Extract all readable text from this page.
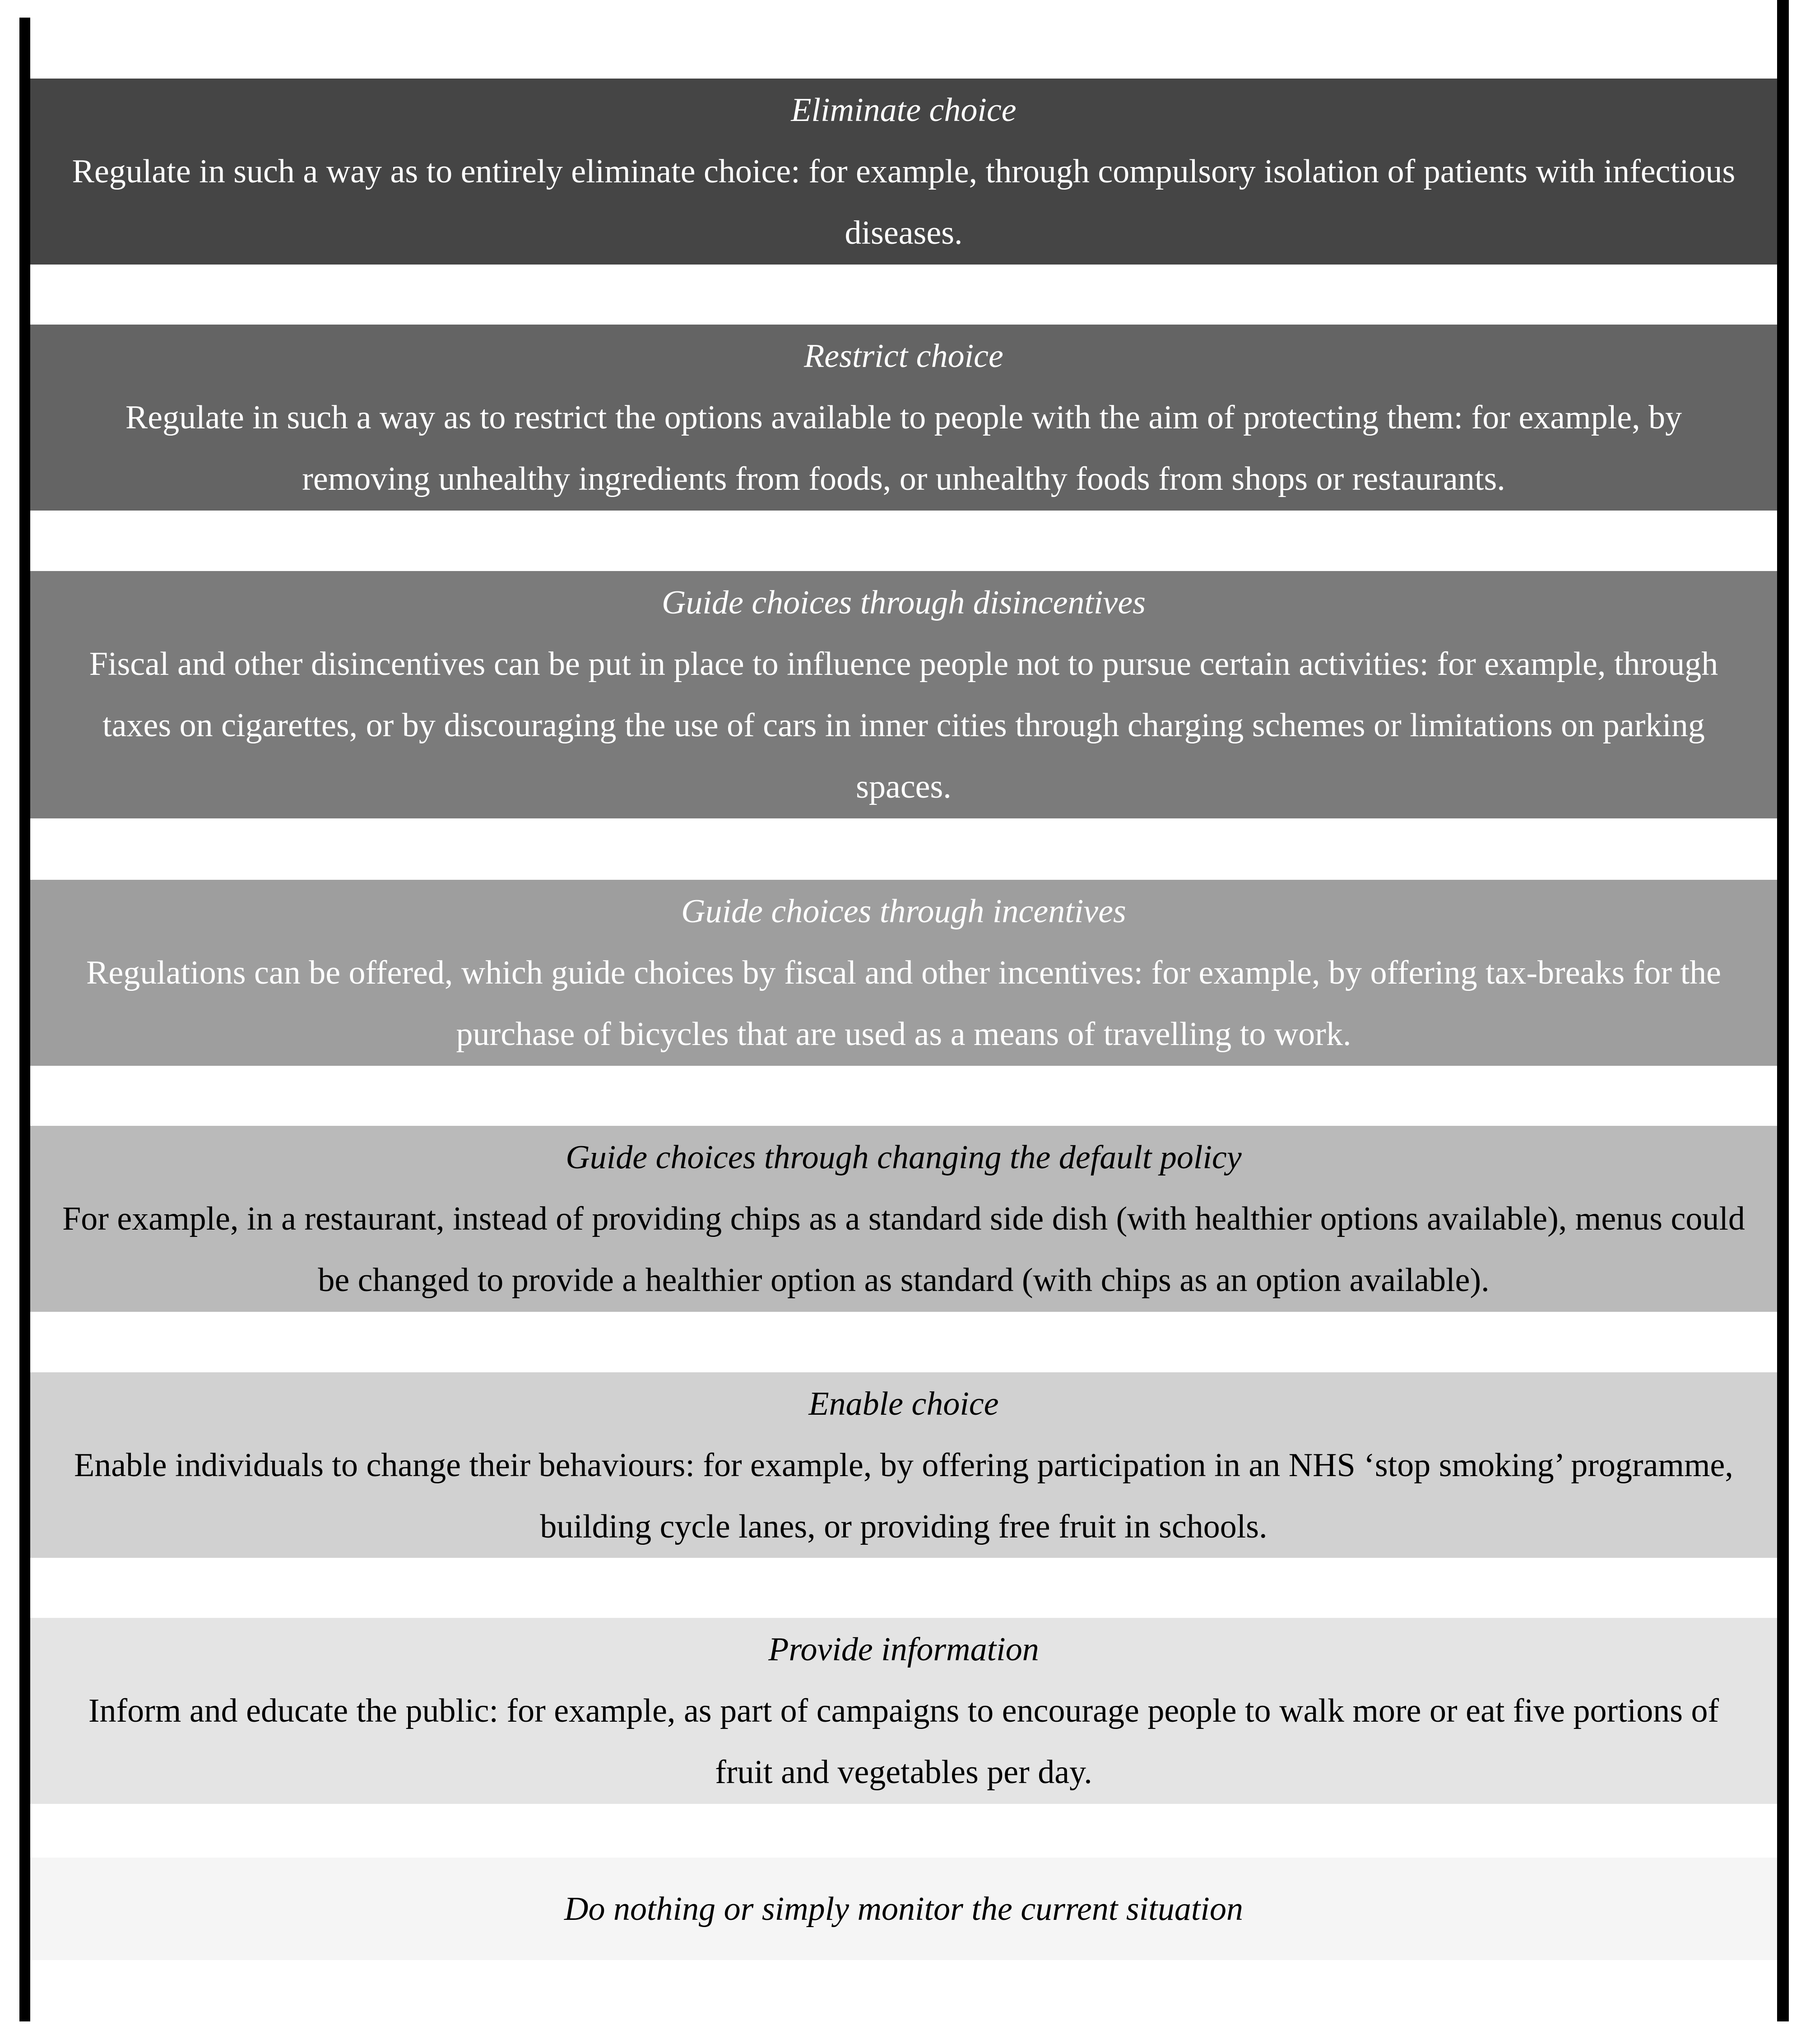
Eliminate choice
Regulate in such a way as to entirely eliminate choice: for example, through compulsory isolation of patients with infectious diseases.
Restrict choice
Regulate in such a way as to restrict the options available to people with the aim of protecting them: for example, by removing unhealthy ingredients from foods, or unhealthy foods from shops or restaurants.
Guide choices through disincentives
Fiscal and other disincentives can be put in place to influence people not to pursue certain activities: for example, through taxes on cigarettes, or by discouraging the use of cars in inner cities through charging schemes or limitations on parking spaces.
Guide choices through incentives
Regulations can be offered, which guide choices by fiscal and other incentives: for example, by offering tax-breaks for the purchase of bicycles that are used as a means of travelling to work.
Guide choices through changing the default policy
For example, in a restaurant, instead of providing chips as a standard side dish (with healthier options available), menus could be changed to provide a healthier option as standard (with chips as an option available).
Enable choice
Enable individuals to change their behaviours: for example, by offering participation in an NHS ‘stop smoking’ programme, building cycle lanes, or providing free fruit in schools.
Provide information
Inform and educate the public: for example, as part of campaigns to encourage people to walk more or eat five portions of fruit and vegetables per day.
Do nothing or simply monitor the current situation
